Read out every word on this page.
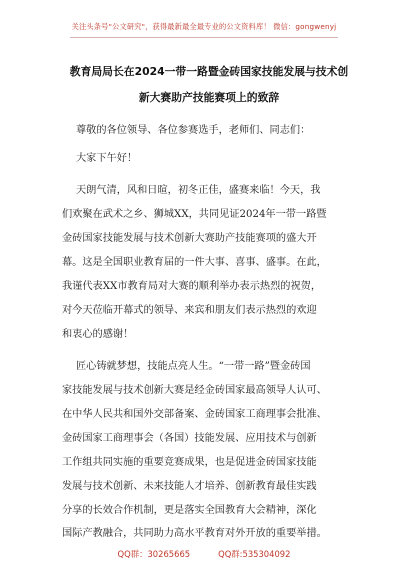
关注头条号"公文研究"，获得最新最全最专业的公文资料库！ 微信：gongwenyj
教育局局长在2024一带一路暨金砖国家技能发展与技术创
新大赛助产技能赛项上的致辞
尊敬的各位领导、各位参赛选手，老师们、同志们：
大家下午好！
天朗气清，风和日暄，初冬正佳，盛赛来临！今天，我
们欢聚在武术之乡、狮城XX，共同见证2024年一带一路暨
金砖国家技能发展与技术创新大赛助产技能赛项的盛大开
幕。这是全国职业教育届的一件大事、喜事、盛事。在此，
我谨代表XX市教育局对大赛的顺利举办表示热烈的祝贺，
对今天莅临开幕式的领导、来宾和朋友们表示热烈的欢迎
和衷心的感谢！
匠心铸就梦想，技能点亮人生。“一带一路”暨金砖国
家技能发展与技术创新大赛是经金砖国家最高领导人认可、
在中华人民共和国外交部备案、金砖国家工商理事会批准、
金砖国家工商理事会（各国）技能发展、应用技术与创新
工作组共同实施的重要竞赛成果，也是促进金砖国家技能
发展与技术创新、未来技能人才培养、创新教育最佳实践
分享的长效合作机制，更是落实全国教育大会精神，深化
国际产教融合，共同助力高水平教育对外开放的重要举措。
QQ群：30265665	QQ群:535304092
